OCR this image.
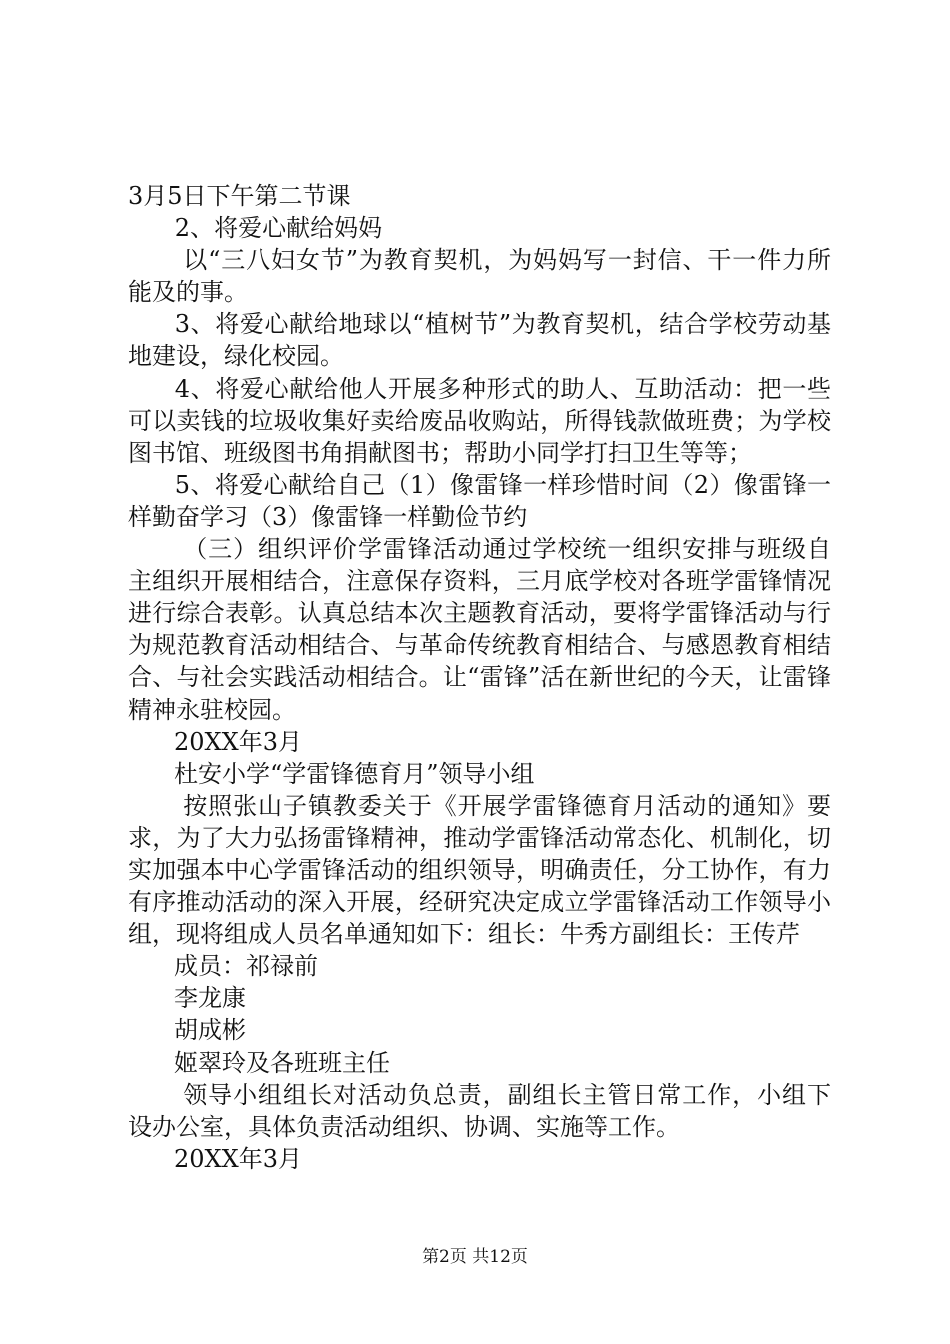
3月5日下午第二节课

2、将爱心献给妈妈

以“三八妇女节”为教育契机，为妈妈写一封信、干一件力所能及的事。

3、将爱心献给地球以“植树节”为教育契机，结合学校劳动基地建设，绿化校园。

4、将爱心献给他人开展多种形式的助人、互助活动：把一些可以卖钱的垃圾收集好卖给废品收购站，所得钱款做班费；为学校图书馆、班级图书角捐献图书；帮助小同学打扫卫生等等；

5、将爱心献给自己（1）像雷锋一样珍惜时间（2）像雷锋一样勤奋学习（3）像雷锋一样勤俭节约

（三）组织评价学雷锋活动通过学校统一组织安排与班级自主组织开展相结合，注意保存资料，三月底学校对各班学雷锋情况进行综合表彰。认真总结本次主题教育活动，要将学雷锋活动与行为规范教育活动相结合、与革命传统教育相结合、与感恩教育相结合、与社会实践活动相结合。让“雷锋”活在新世纪的今天，让雷锋精神永驻校园。

20XX年3月

杜安小学“学雷锋德育月”领导小组

按照张山子镇教委关于《开展学雷锋德育月活动的通知》要求，为了大力弘扬雷锋精神，推动学雷锋活动常态化、机制化，切实加强本中心学雷锋活动的组织领导，明确责任，分工协作，有力有序推动活动的深入开展，经研究决定成立学雷锋活动工作领导小组，现将组成人员名单通知如下：组长：牛秀方副组长：王传芹

成员：祁禄前

李龙康

胡成彬

姬翠玲及各班班主任

领导小组组长对活动负总责，副组长主管日常工作，小组下设办公室，具体负责活动组织、协调、实施等工作。

20XX年3月

第2页 共12页
